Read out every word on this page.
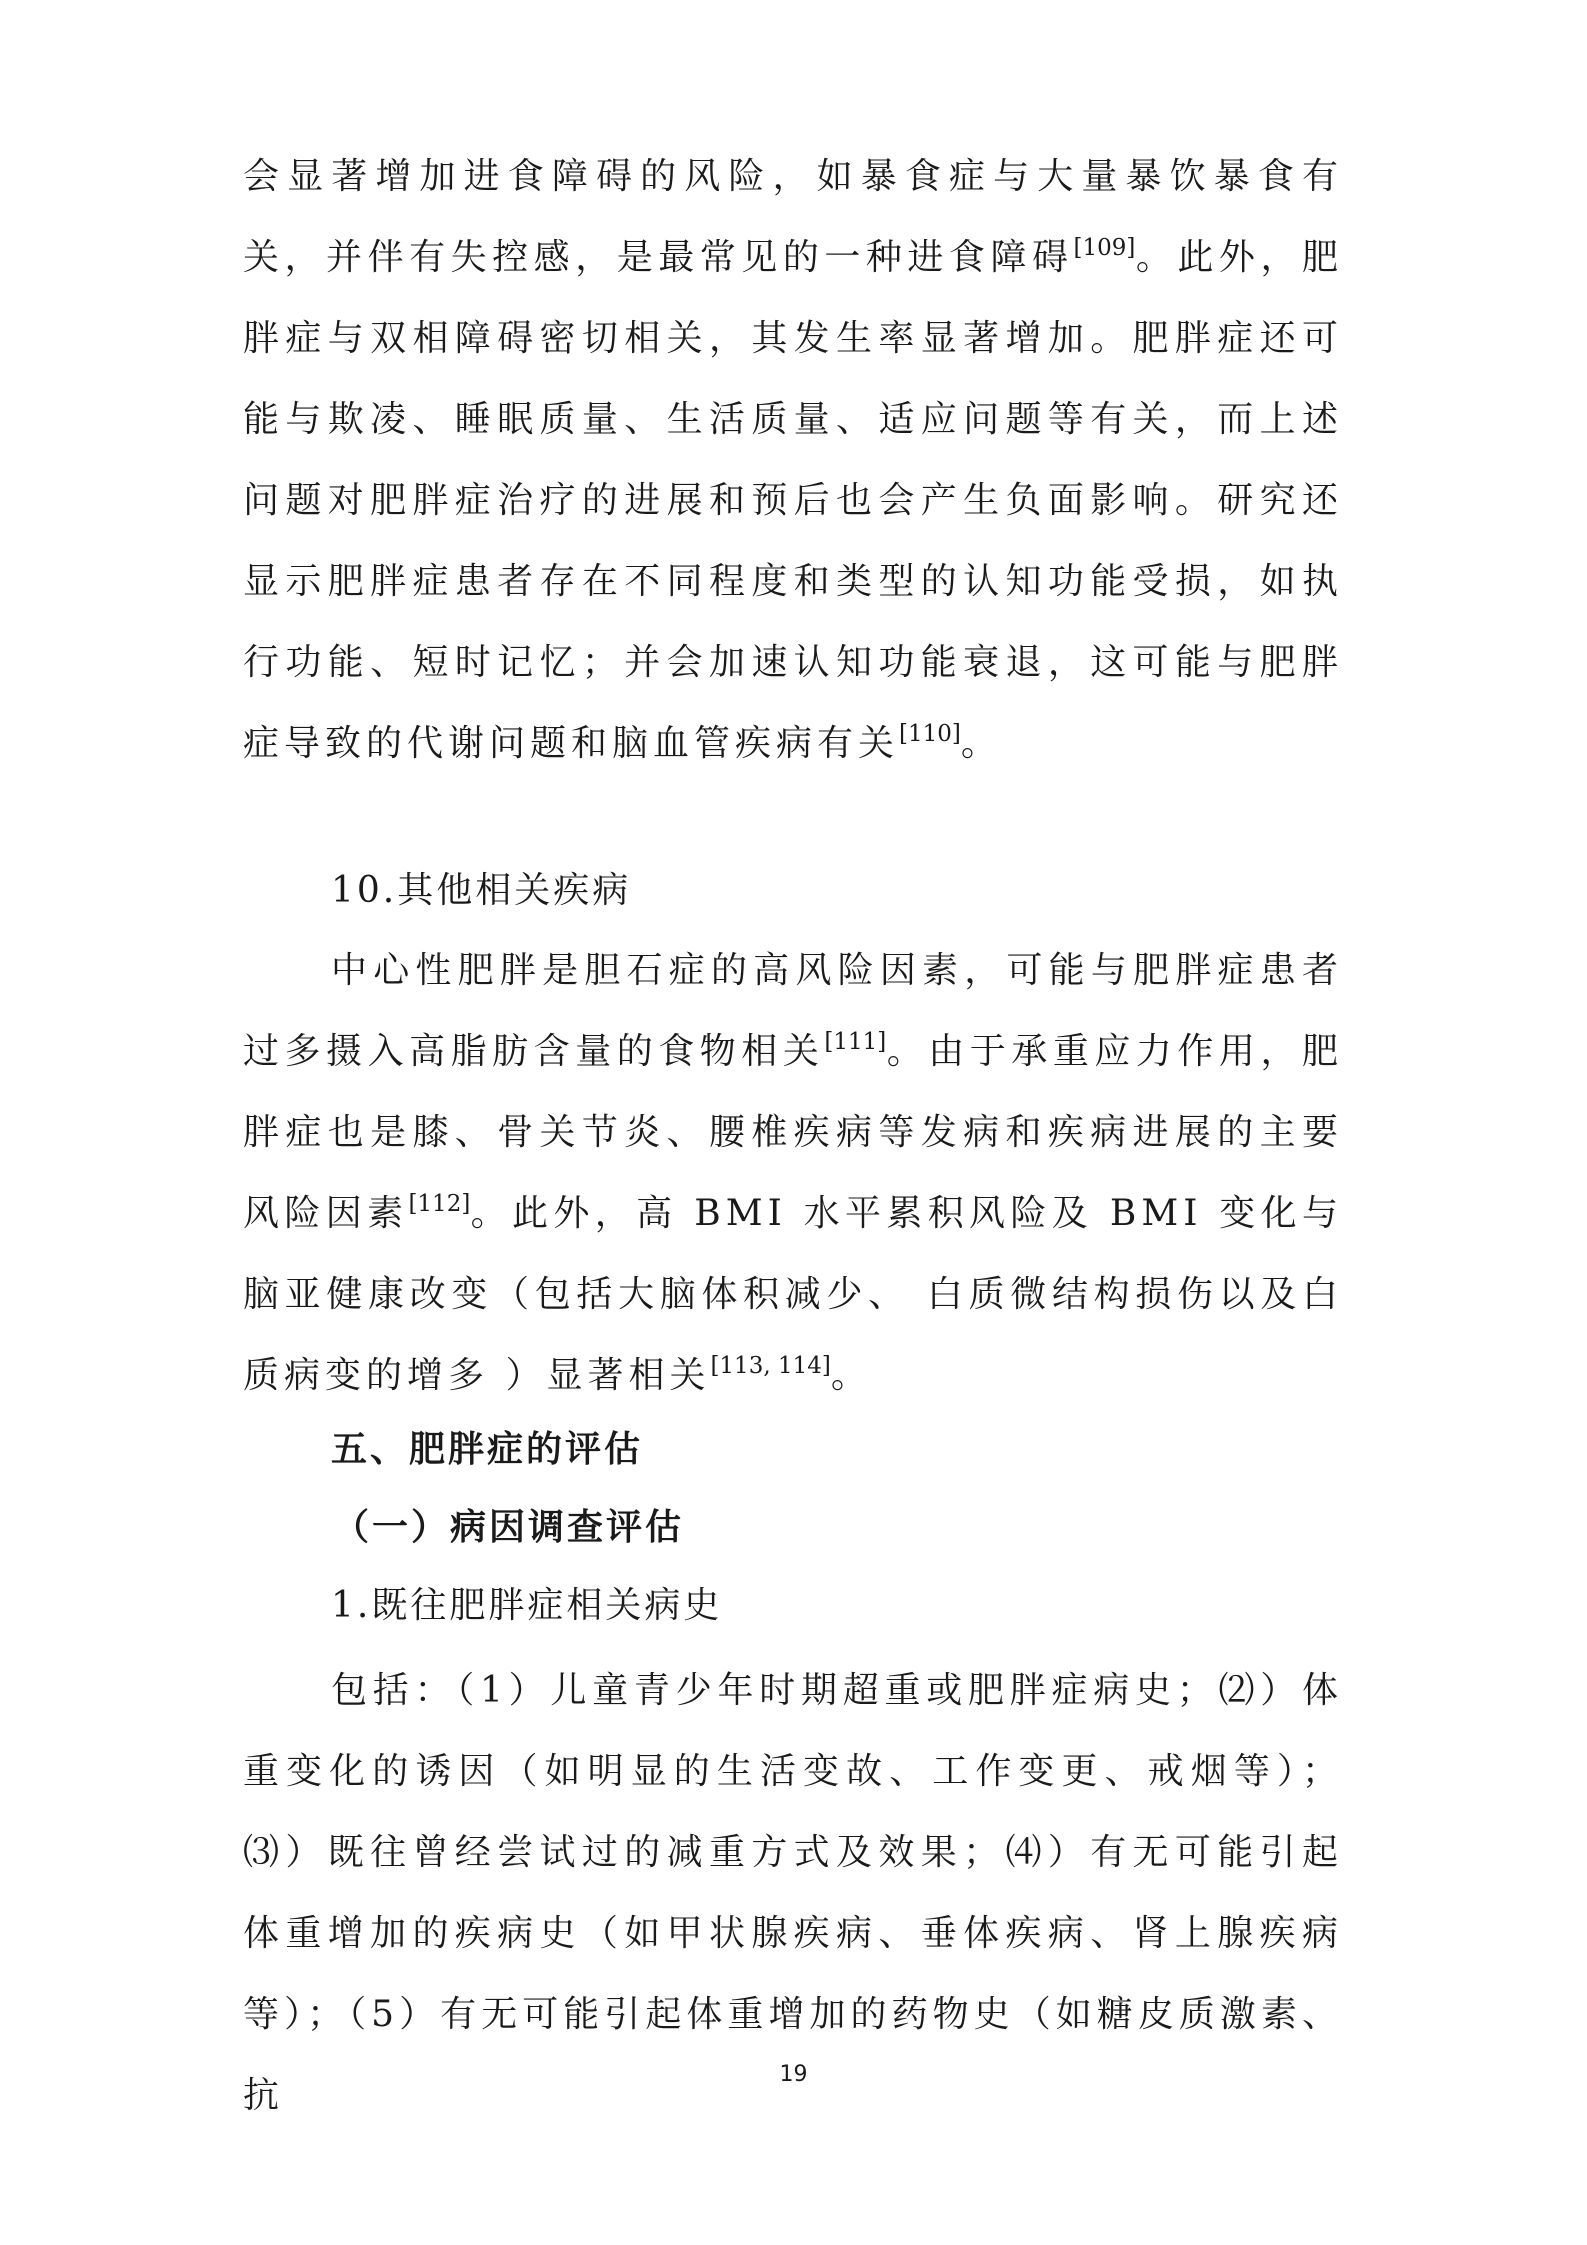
会显著增加进食障碍的风险，如暴食症与大量暴饮暴食有关，并伴有失控感，是最常见的一种进食障碍[109]。此外，肥胖症与双相障碍密切相关，其发生率显著增加。肥胖症还可能与欺凌、睡眠质量、生活质量、适应问题等有关，而上述问题对肥胖症治疗的进展和预后也会产生负面影响。研究还显示肥胖症患者存在不同程度和类型的认知功能受损，如执行功能、短时记忆；并会加速认知功能衰退，这可能与肥胖症导致的代谢问题和脑血管疾病有关[110]。

10.其他相关疾病

中心性肥胖是胆石症的高风险因素，可能与肥胖症患者过多摄入高脂肪含量的食物相关[111]。由于承重应力作用，肥胖症也是膝、骨关节炎、腰椎疾病等发病和疾病进展的主要风险因素[112]。此外，高 BMI 水平累积风险及 BMI 变化与脑亚健康改变（包括大脑体积减少、 白质微结构损伤以及白质病变的增多 ）显著相关[113, 114]。

五、肥胖症的评估

（一）病因调查评估

1.既往肥胖症相关病史

包括：（1）儿童青少年时期超重或肥胖症病史；⑵）体重变化的诱因（如明显的生活变故、工作变更、戒烟等）；⑶）既往曾经尝试过的减重方式及效果；⑷）有无可能引起体重增加的疾病史（如甲状腺疾病、垂体疾病、肾上腺疾病等）；（5）有无可能引起体重增加的药物史（如糖皮质激素、抗

19
